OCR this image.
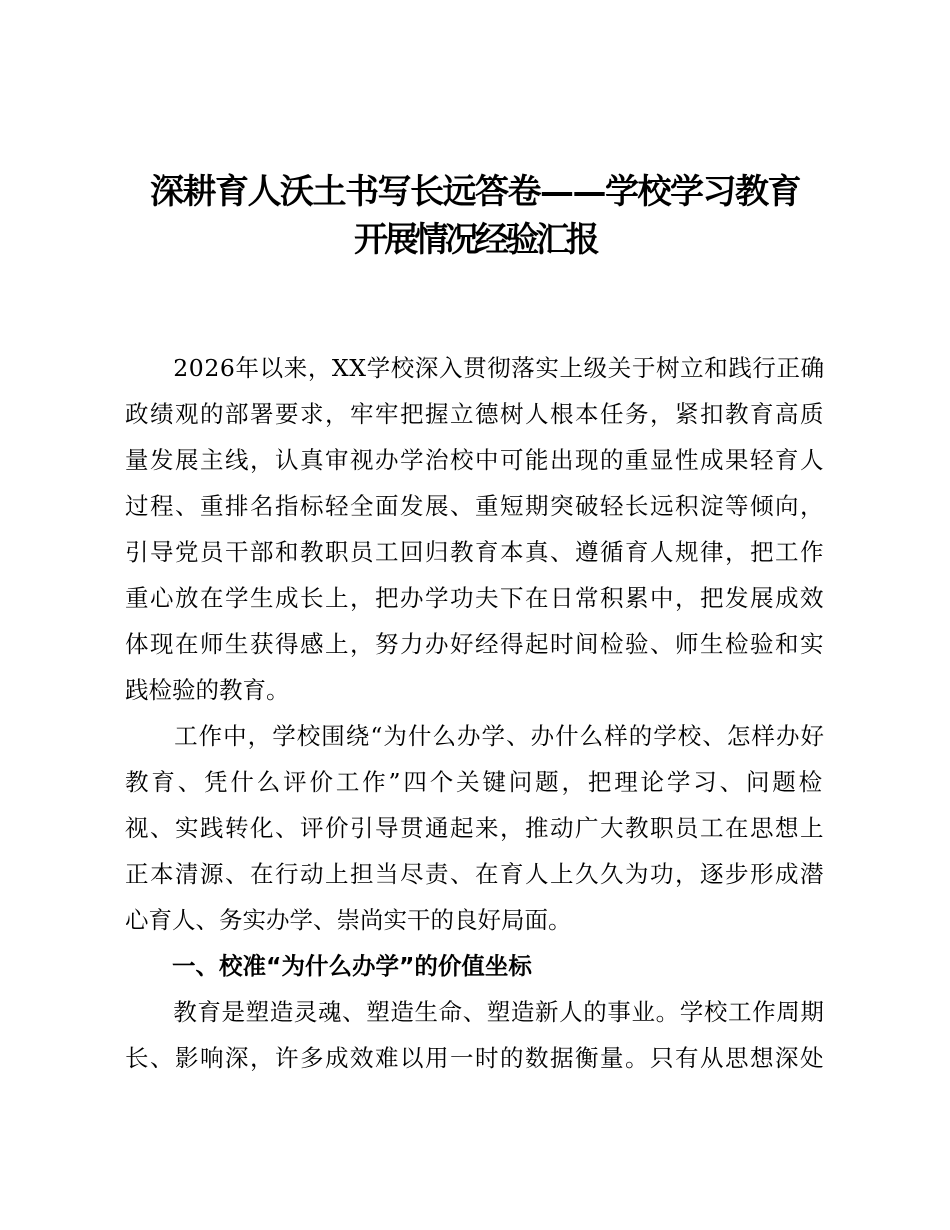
深耕育人沃土书写长远答卷——学校学习教育
开展情况经验汇报
　　2026年以来，XX学校深入贯彻落实上级关于树立和践行正确
政绩观的部署要求，牢牢把握立德树人根本任务，紧扣教育高质
量发展主线，认真审视办学治校中可能出现的重显性成果轻育人
过程、重排名指标轻全面发展、重短期突破轻长远积淀等倾向，
引导党员干部和教职员工回归教育本真、遵循育人规律，把工作
重心放在学生成长上，把办学功夫下在日常积累中，把发展成效
体现在师生获得感上，努力办好经得起时间检验、师生检验和实
践检验的教育。
　　工作中，学校围绕“为什么办学、办什么样的学校、怎样办好
教育、凭什么评价工作”四个关键问题，把理论学习、问题检
视、实践转化、评价引导贯通起来，推动广大教职员工在思想上
正本清源、在行动上担当尽责、在育人上久久为功，逐步形成潜
心育人、务实办学、崇尚实干的良好局面。
　　一、校准“为什么办学”的价值坐标
　　教育是塑造灵魂、塑造生命、塑造新人的事业。学校工作周期
长、影响深，许多成效难以用一时的数据衡量。只有从思想深处
